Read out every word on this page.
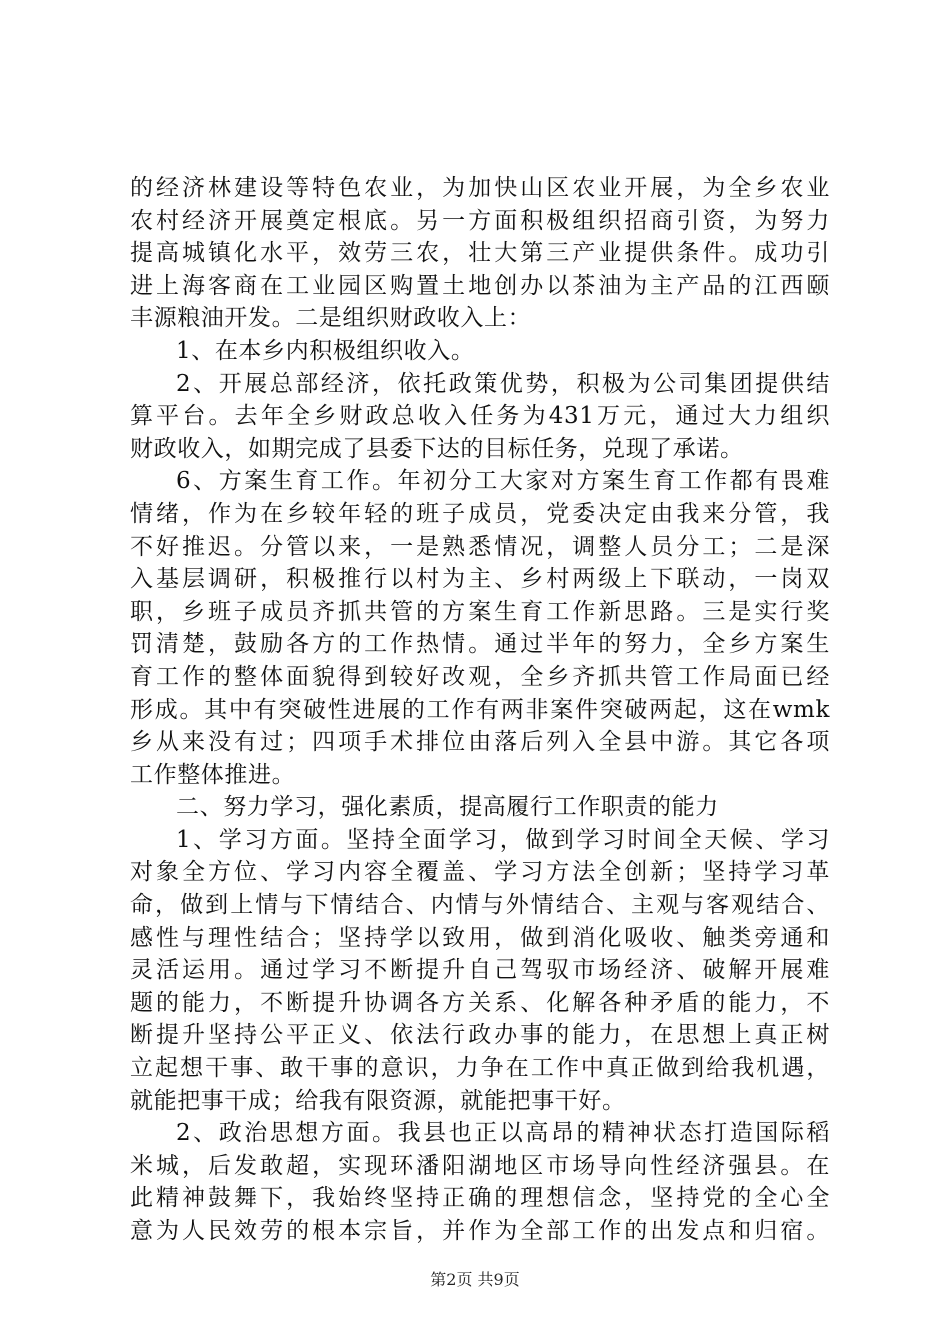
的经济林建设等特色农业，为加快山区农业开展，为全乡农业
农村经济开展奠定根底。另一方面积极组织招商引资，为努力
提高城镇化水平，效劳三农，壮大第三产业提供条件。成功引
进上海客商在工业园区购置土地创办以茶油为主产品的江西颐
丰源粮油开发。二是组织财政收入上：
1、在本乡内积极组织收入。
2、开展总部经济，依托政策优势，积极为公司集团提供结
算平台。去年全乡财政总收入任务为431万元，通过大力组织
财政收入，如期完成了县委下达的目标任务，兑现了承诺。
6、方案生育工作。年初分工大家对方案生育工作都有畏难
情绪，作为在乡较年轻的班子成员，党委决定由我来分管，我
不好推迟。分管以来，一是熟悉情况，调整人员分工；二是深
入基层调研，积极推行以村为主、乡村两级上下联动，一岗双
职，乡班子成员齐抓共管的方案生育工作新思路。三是实行奖
罚清楚，鼓励各方的工作热情。通过半年的努力，全乡方案生
育工作的整体面貌得到较好改观，全乡齐抓共管工作局面已经
形成。其中有突破性进展的工作有两非案件突破两起，这在wmk
乡从来没有过；四项手术排位由落后列入全县中游。其它各项
工作整体推进。
二、努力学习，强化素质，提高履行工作职责的能力
1、学习方面。坚持全面学习，做到学习时间全天候、学习
对象全方位、学习内容全覆盖、学习方法全创新；坚持学习革
命，做到上情与下情结合、内情与外情结合、主观与客观结合、
感性与理性结合；坚持学以致用，做到消化吸收、触类旁通和
灵活运用。通过学习不断提升自己驾驭市场经济、破解开展难
题的能力，不断提升协调各方关系、化解各种矛盾的能力，不
断提升坚持公平正义、依法行政办事的能力，在思想上真正树
立起想干事、敢干事的意识，力争在工作中真正做到给我机遇，
就能把事干成；给我有限资源，就能把事干好。
2、政治思想方面。我县也正以高昂的精神状态打造国际稻
米城，后发敢超，实现环潘阳湖地区市场导向性经济强县。在
此精神鼓舞下，我始终坚持正确的理想信念，坚持党的全心全
意为人民效劳的根本宗旨，并作为全部工作的出发点和归宿。
第2页 共9页
